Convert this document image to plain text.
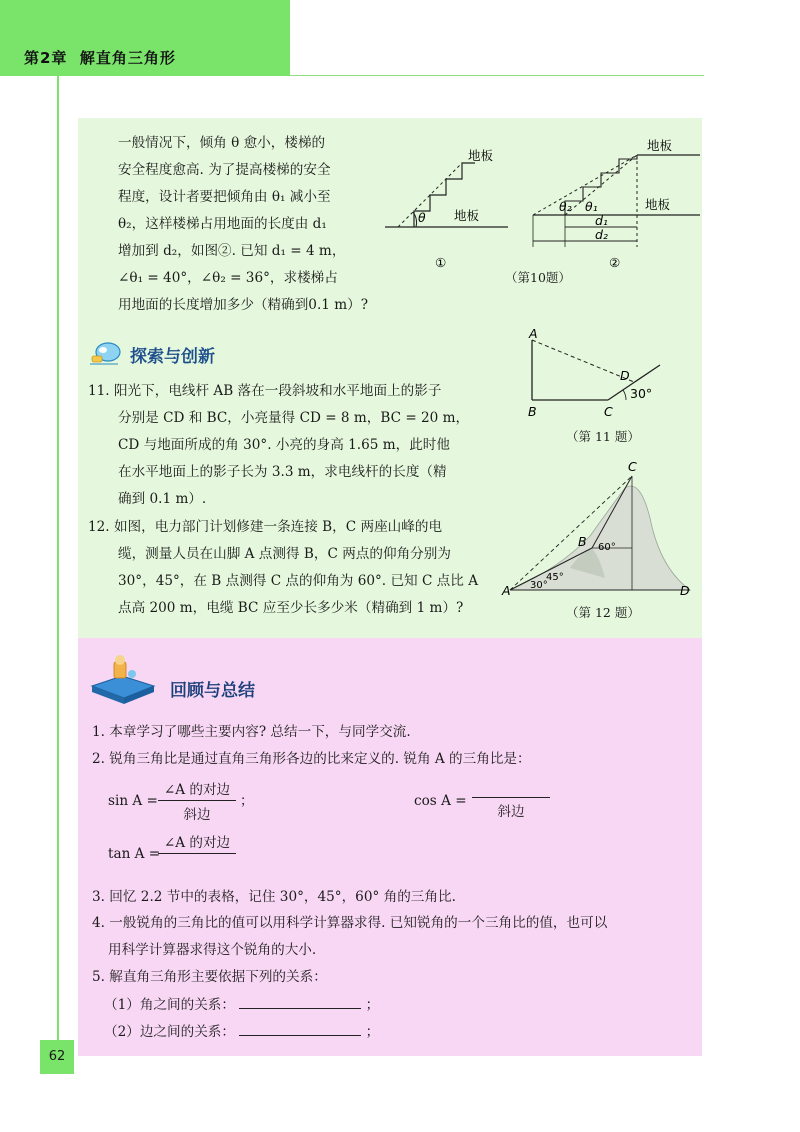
第2章 解直角三角形
一般情况下，倾角 θ 愈小，楼梯的
安全程度愈高. 为了提高楼梯的安全
程度，设计者要把倾角由 θ₁ 减小至
θ₂，这样楼梯占用地面的长度由 d₁
增加到 d₂，如图②. 已知 d₁ = 4 m，
∠θ₁ = 40°，∠θ₂ = 36°，求楼梯占
用地面的长度增加多少（精确到0.1 m）?
θ
地板
地板
①
d₁
d₂
θ₂ θ₁
地板
地板
②
（第10题）
探索与创新
11. 阳光下，电线杆 AB 落在一段斜坡和水平地面上的影子
分别是 CD 和 BC，小亮量得 CD = 8 m，BC = 20 m，
CD 与地面所成的角 30°. 小亮的身高 1.65 m，此时他
在水平地面上的影子长为 3.3 m，求电线杆的长度（精
确到 0.1 m）.
A
B	C
D
30°
（第 11 题）
12. 如图，电力部门计划修建一条连接 B，C 两座山峰的电
缆，测量人员在山脚 A 点测得 B，C 两点的仰角分别为
30°，45°，在 B 点测得 C 点的仰角为 60°. 已知 C 点比 A
点高 200 m，电缆 BC 应至少长多少米（精确到 1 m）?
C
B
A	D
60°
30°
45°
（第 12 题）
回顾与总结
1. 本章学习了哪些主要内容? 总结一下，与同学交流.
2. 锐角三角比是通过直角三角形各边的比来定义的. 锐角 A 的三角比是：
sin A =
∠A 的对边
斜边
；	cos A =
斜边
tan A =
∠A 的对边
3. 回忆 2.2 节中的表格，记住 30°，45°，60° 角的三角比.
4. 一般锐角的三角比的值可以用科学计算器求得. 已知锐角的一个三角比的值，也可以
用科学计算器求得这个锐角的大小.
5. 解直角三角形主要依据下列的关系：
（1）角之间的关系：	；
（2）边之间的关系：	；
62
